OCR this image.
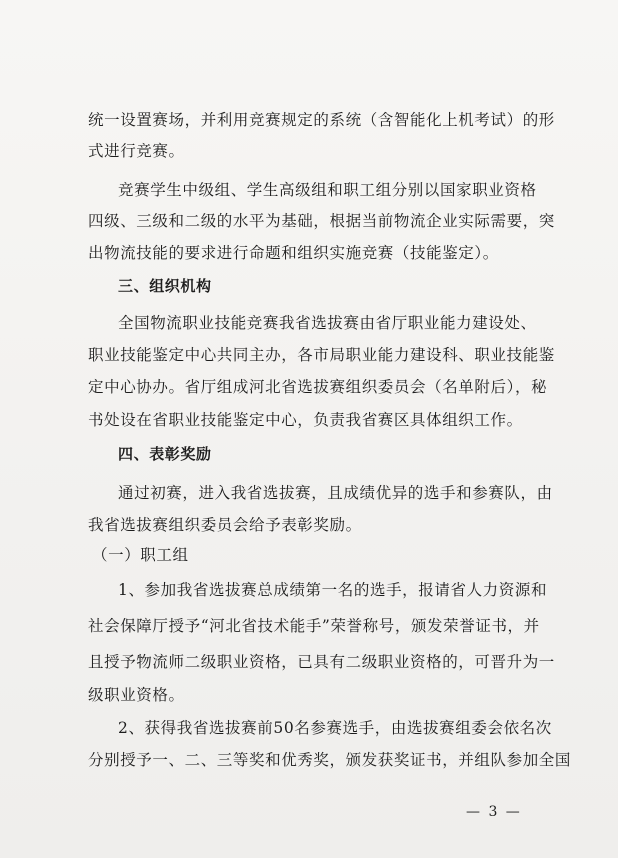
统一设置赛场，并利用竞赛规定的系统（含智能化上机考试）的形
式进行竞赛。
竞赛学生中级组、学生高级组和职工组分别以国家职业资格
四级、三级和二级的水平为基础，根据当前物流企业实际需要，突
出物流技能的要求进行命题和组织实施竞赛（技能鉴定）。
三、组织机构
全国物流职业技能竞赛我省选拔赛由省厅职业能力建设处、
职业技能鉴定中心共同主办，各市局职业能力建设科、职业技能鉴
定中心协办。省厅组成河北省选拔赛组织委员会（名单附后），秘
书处设在省职业技能鉴定中心，负责我省赛区具体组织工作。
四、表彰奖励
通过初赛，进入我省选拔赛，且成绩优异的选手和参赛队，由
我省选拔赛组织委员会给予表彰奖励。
（一）职工组
1、参加我省选拔赛总成绩第一名的选手，报请省人力资源和
社会保障厅授予“河北省技术能手”荣誉称号，颁发荣誉证书，并
且授予物流师二级职业资格，已具有二级职业资格的，可晋升为一
级职业资格。
2、获得我省选拔赛前50名参赛选手，由选拔赛组委会依名次
分别授予一、二、三等奖和优秀奖，颁发获奖证书，并组队参加全国
— 3 —
